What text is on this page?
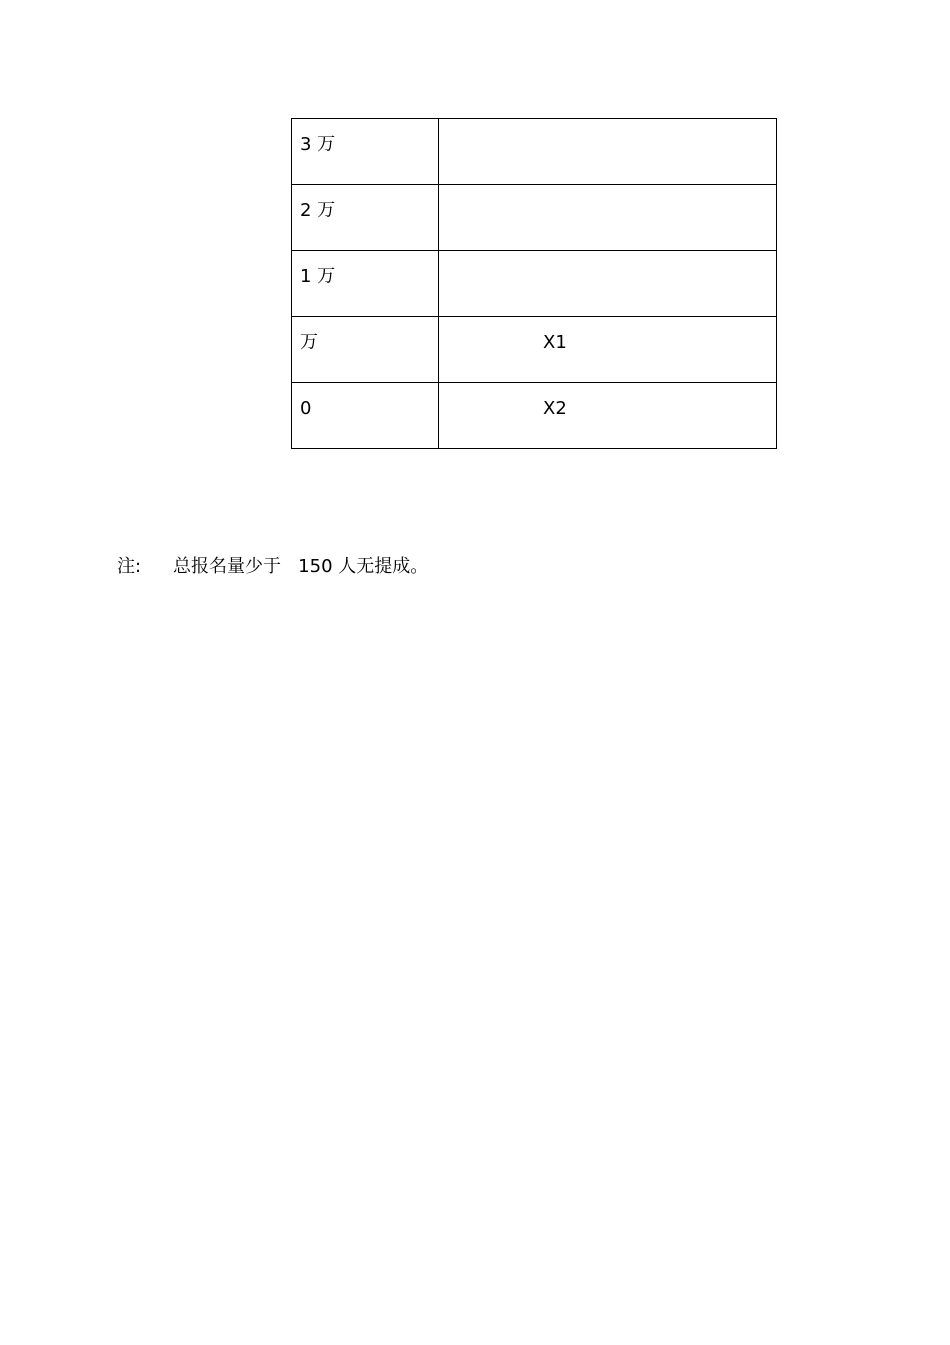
3 万	

2 万	

1 万	

万	X1

0	X2
注: 总报名量少于   150 人无提成。
